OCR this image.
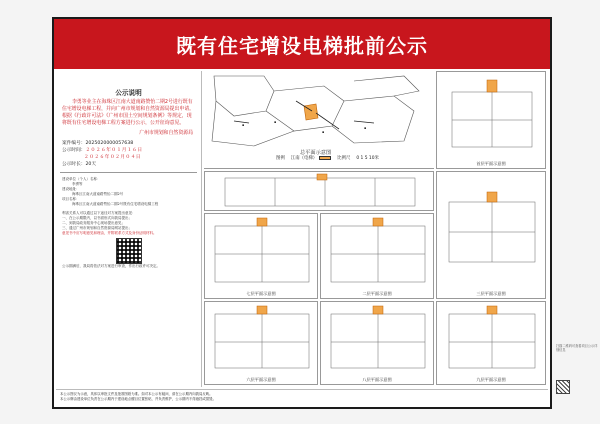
既有住宅增设电梯批前公示
公示说明
李勇等业主在海珠区江南大道南路赞怡二期2号进行既有住宅增设电梯工程，并向广州市规划和自然资源局提出申请。根据《行政许可法》《广州市国土空间规划条例》等规定，现将既有住宅增设电梯工程方案进行公示，公开征询意见。
广州市规划和自然资源局
案件编号：2025020000057638
公示时间：２０２６年０１月１６日
２０２６年０２月０４日
公示时长：20天
建设单位（个人）名称：
李勇等
建设地址：
海珠区江南大道南路赞怡二期2号
项目名称：
海珠区江南大道南路赞怡二期2号既有住宅增设电梯工程
利害关系人可以通过以下途径对方案提出意见：
一、在公示期限内，以书面形式向我局提出；
二、到我局政务服务中心现场提出意见；
三、通过广州市规划和自然资源局网站提出；
意见书中应写明意见和理由，并附联系方式及身份证明材料。
公示期满后，我局将依法对方案进行审查，作出行政许可决定。
▪
▪
▪
▪
总平面示意图
图例 江南（电梯）	比例尺 0 1 5 10米
首层平面示意图
七层平面示意图	二层平面示意图	三层平面示意图
六层平面示意图	八层平面示意图	九层平面示意图
本公示图仅为示意，具体以审批文件及批准图纸为准。如对本公示有疑问，请在公示期内向我局反映。
本公示牌由建设单位负责在公示期内于建设地点醒目位置张贴，并负责维护，公示期内不得遮挡或损毁。
扫描二维码可查看项目公示详细信息
